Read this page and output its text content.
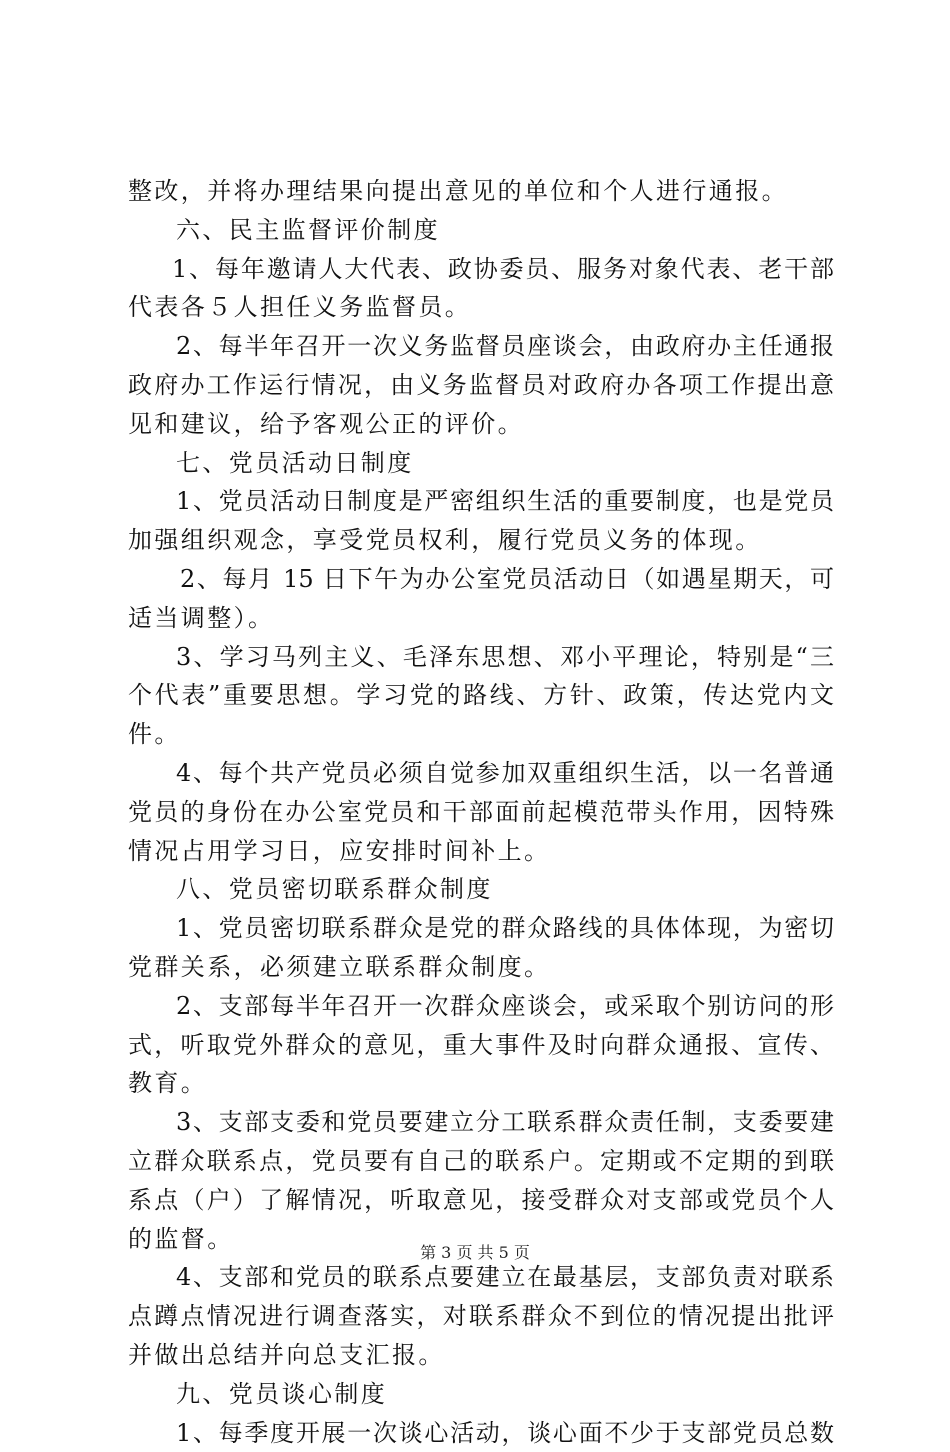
整改，并将办理结果向提出意见的单位和个人进行通报。
六、民主监督评价制度
1、每年邀请人大代表、政协委员、服务对象代表、老干部
代表各５人担任义务监督员。
2、每半年召开一次义务监督员座谈会，由政府办主任通报
政府办工作运行情况，由义务监督员对政府办各项工作提出意
见和建议，给予客观公正的评价。
七、党员活动日制度
1、党员活动日制度是严密组织生活的重要制度，也是党员
加强组织观念，享受党员权利，履行党员义务的体现。
2、每月 15 日下午为办公室党员活动日（如遇星期天，可
适当调整）。
3、学习马列主义、毛泽东思想、邓小平理论，特别是“三
个代表”重要思想。学习党的路线、方针、政策，传达党内文
件。
4、每个共产党员必须自觉参加双重组织生活，以一名普通
党员的身份在办公室党员和干部面前起模范带头作用，因特殊
情况占用学习日，应安排时间补上。
八、党员密切联系群众制度
1、党员密切联系群众是党的群众路线的具体体现，为密切
党群关系，必须建立联系群众制度。
2、支部每半年召开一次群众座谈会，或采取个别访问的形
式，听取党外群众的意见，重大事件及时向群众通报、宣传、
教育。
3、支部支委和党员要建立分工联系群众责任制，支委要建
立群众联系点，党员要有自己的联系户。定期或不定期的到联
系点（户）了解情况，听取意见，接受群众对支部或党员个人
的监督。
4、支部和党员的联系点要建立在最基层，支部负责对联系
点蹲点情况进行调查落实，对联系群众不到位的情况提出批评
并做出总结并向总支汇报。
九、党员谈心制度
1、每季度开展一次谈心活动，谈心面不少于支部党员总数
第 3 页 共 5 页
